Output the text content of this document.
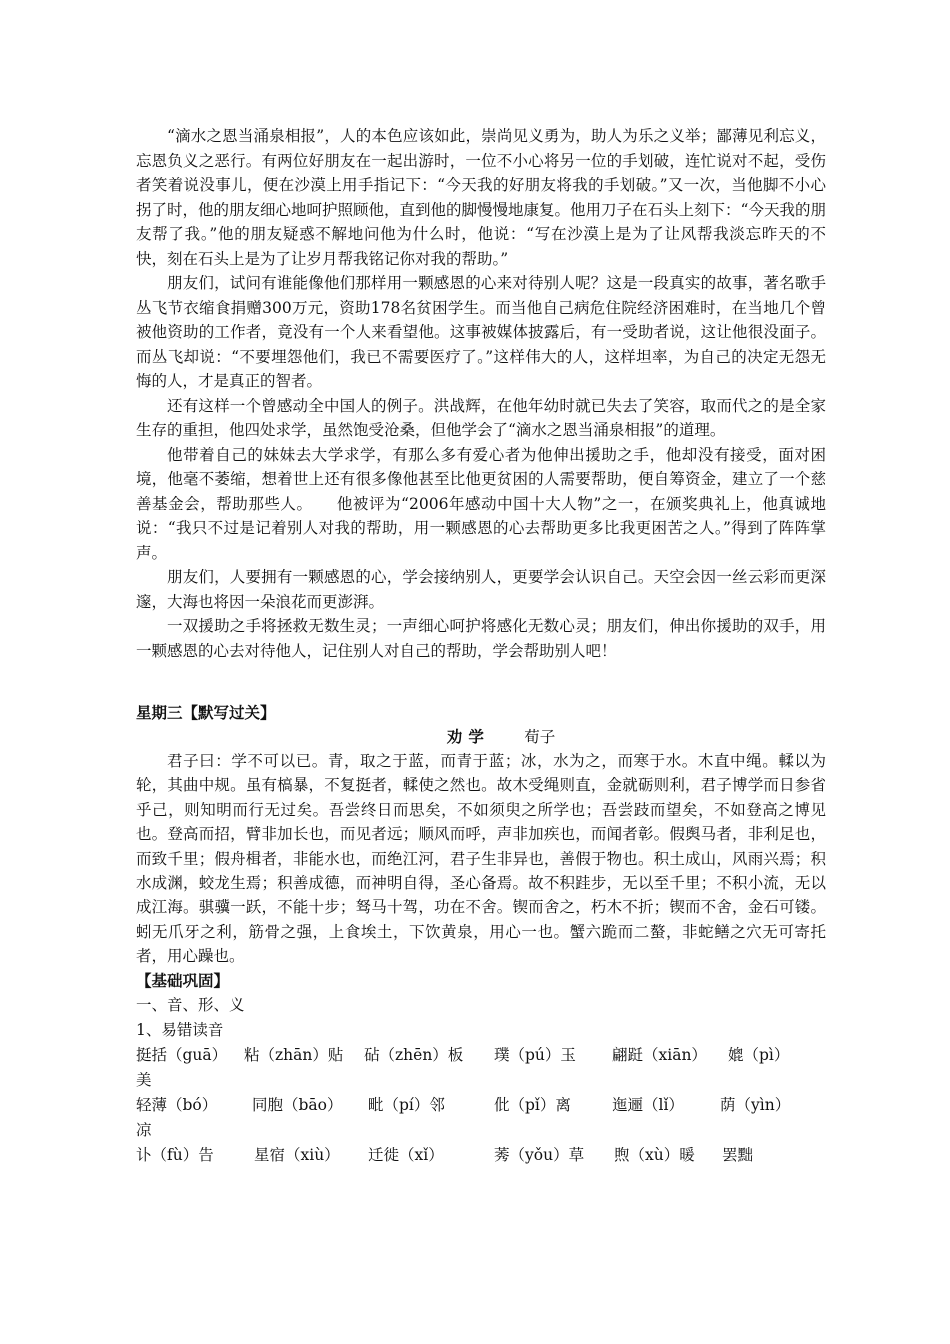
“滴水之恩当涌泉相报”，人的本色应该如此，崇尚见义勇为，助人为乐之义举；鄙薄见利忘义，忘恩负义之恶行。有两位好朋友在一起出游时，一位不小心将另一位的手划破，连忙说对不起，受伤者笑着说没事儿，便在沙漠上用手指记下：“今天我的好朋友将我的手划破。”又一次，当他脚不小心拐了时，他的朋友细心地呵护照顾他，直到他的脚慢慢地康复。他用刀子在石头上刻下：“今天我的朋友帮了我。”他的朋友疑惑不解地问他为什么时，他说：“写在沙漠上是为了让风帮我淡忘昨天的不快，刻在石头上是为了让岁月帮我铭记你对我的帮助。”

朋友们，试问有谁能像他们那样用一颗感恩的心来对待别人呢？这是一段真实的故事，著名歌手丛飞节衣缩食捐赠300万元，资助178名贫困学生。而当他自己病危住院经济困难时，在当地几个曾被他资助的工作者，竟没有一个人来看望他。这事被媒体披露后，有一受助者说，这让他很没面子。而丛飞却说：“不要埋怨他们，我已不需要医疗了。”这样伟大的人，这样坦率，为自己的决定无怨无悔的人，才是真正的智者。

还有这样一个曾感动全中国人的例子。洪战辉，在他年幼时就已失去了笑容，取而代之的是全家生存的重担，他四处求学，虽然饱受沧桑，但他学会了“滴水之恩当涌泉相报”的道理。

他带着自己的妹妹去大学求学，有那么多有爱心者为他伸出援助之手，他却没有接受，面对困境，他毫不萎缩，想着世上还有很多像他甚至比他更贫困的人需要帮助，便自筹资金，建立了一个慈善基金会，帮助那些人。　　他被评为“2006年感动中国十大人物”之一，在颁奖典礼上，他真诚地说：“我只不过是记着别人对我的帮助，用一颗感恩的心去帮助更多比我更困苦之人。”得到了阵阵掌声。

朋友们，人要拥有一颗感恩的心，学会接纳别人，更要学会认识自己。天空会因一丝云彩而更深邃，大海也将因一朵浪花而更澎湃。

一双援助之手将拯救无数生灵；一声细心呵护将感化无数心灵；朋友们，伸出你援助的双手，用一颗感恩的心去对待他人，记住别人对自己的帮助，学会帮助别人吧！

星期三【默写过关】

劝学 荀子

君子曰：学不可以已。青，取之于蓝，而青于蓝；冰，水为之，而寒于水。木直中绳。輮以为轮，其曲中规。虽有槁暴，不复挺者，輮使之然也。故木受绳则直，金就砺则利，君子博学而日参省乎己，则知明而行无过矣。吾尝终日而思矣，不如须臾之所学也；吾尝跂而望矣，不如登高之博见也。登高而招，臂非加长也，而见者远；顺风而呼，声非加疾也，而闻者彰。假舆马者，非利足也，而致千里；假舟楫者，非能水也，而绝江河，君子生非异也，善假于物也。积土成山，风雨兴焉；积水成渊，蛟龙生焉；积善成德，而神明自得，圣心备焉。故不积跬步，无以至千里；不积小流，无以成江海。骐骥一跃，不能十步；驽马十驾，功在不舍。锲而舍之，朽木不折；锲而不舍，金石可镂。蚓无爪牙之利，筋骨之强，上食埃土，下饮黄泉，用心一也。蟹六跪而二螯，非蛇鳝之穴无可寄托者，用心躁也。

【基础巩固】

一、音、形、义

1、易错读音

挺括（guā） 粘（zhān）贴 砧（zhēn）板 璞（pú）玉 翩跹（xiān） 媲（pì）

美

轻薄（bó） 同胞（bāo） 毗（pí）邻	仳（pǐ）离	迤逦（lǐ） 荫（yìn）

凉

讣（fù）告	星宿（xiù） 迁徙（xǐ）	莠（yǒu）草 煦（xù）暖 罢黜
